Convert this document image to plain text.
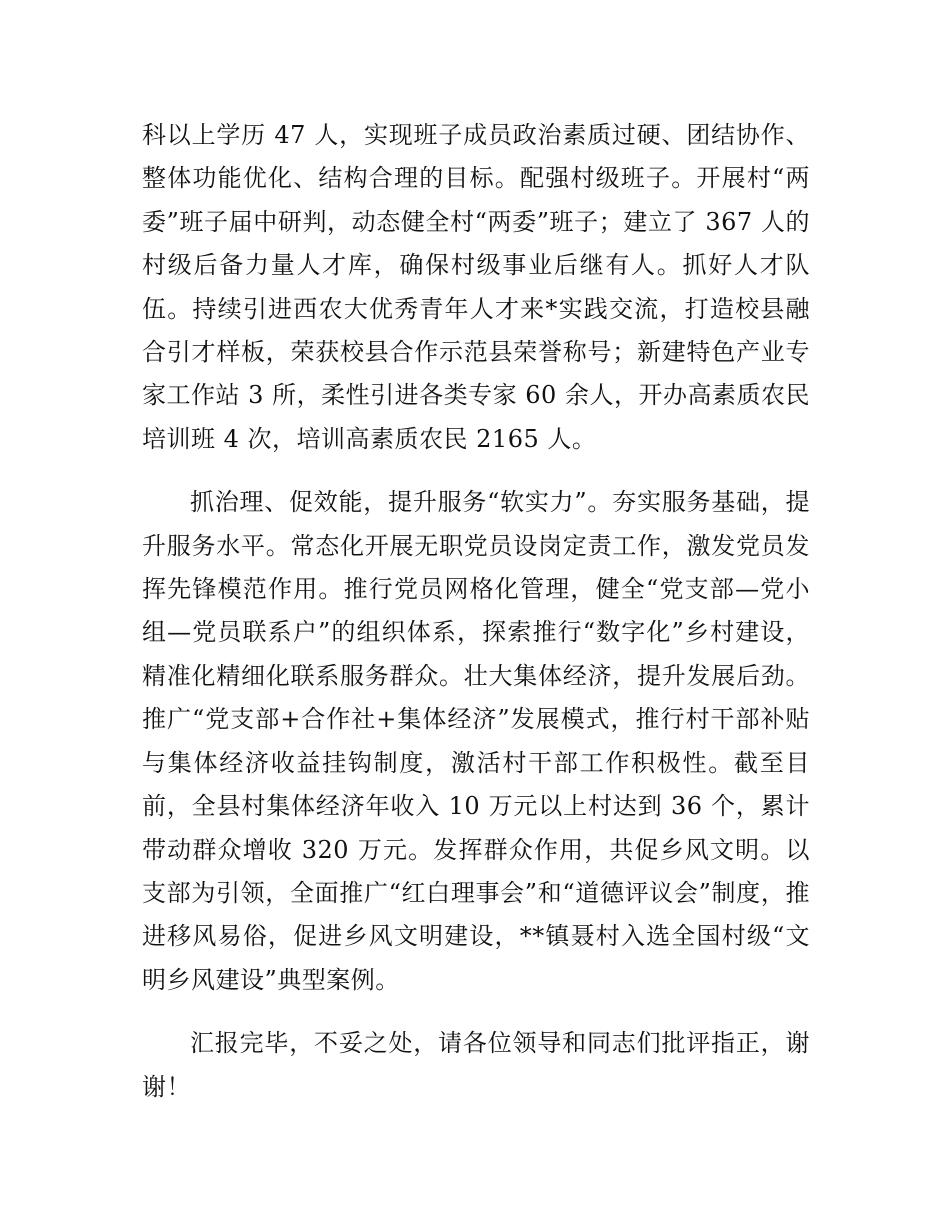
科以上学历 47 人，实现班子成员政治素质过硬、团结协作、整体功能优化、结构合理的目标。配强村级班子。开展村“两委”班子届中研判，动态健全村“两委”班子；建立了 367 人的村级后备力量人才库，确保村级事业后继有人。抓好人才队伍。持续引进西农大优秀青年人才来*实践交流，打造校县融合引才样板，荣获校县合作示范县荣誉称号；新建特色产业专家工作站 3 所，柔性引进各类专家 60 余人，开办高素质农民培训班 4 次，培训高素质农民 2165 人。

抓治理、促效能，提升服务“软实力”。夯实服务基础，提升服务水平。常态化开展无职党员设岗定责工作，激发党员发挥先锋模范作用。推行党员网格化管理，健全“党支部—党小组—党员联系户”的组织体系，探索推行“数字化”乡村建设，精准化精细化联系服务群众。壮大集体经济，提升发展后劲。推广“党支部+合作社+集体经济”发展模式，推行村干部补贴与集体经济收益挂钩制度，激活村干部工作积极性。截至目前，全县村集体经济年收入 10 万元以上村达到 36 个，累计带动群众增收 320 万元。发挥群众作用，共促乡风文明。以支部为引领，全面推广“红白理事会”和“道德评议会”制度，推进移风易俗，促进乡风文明建设，**镇聂村入选全国村级“文明乡风建设”典型案例。

汇报完毕，不妥之处，请各位领导和同志们批评指正，谢谢！
